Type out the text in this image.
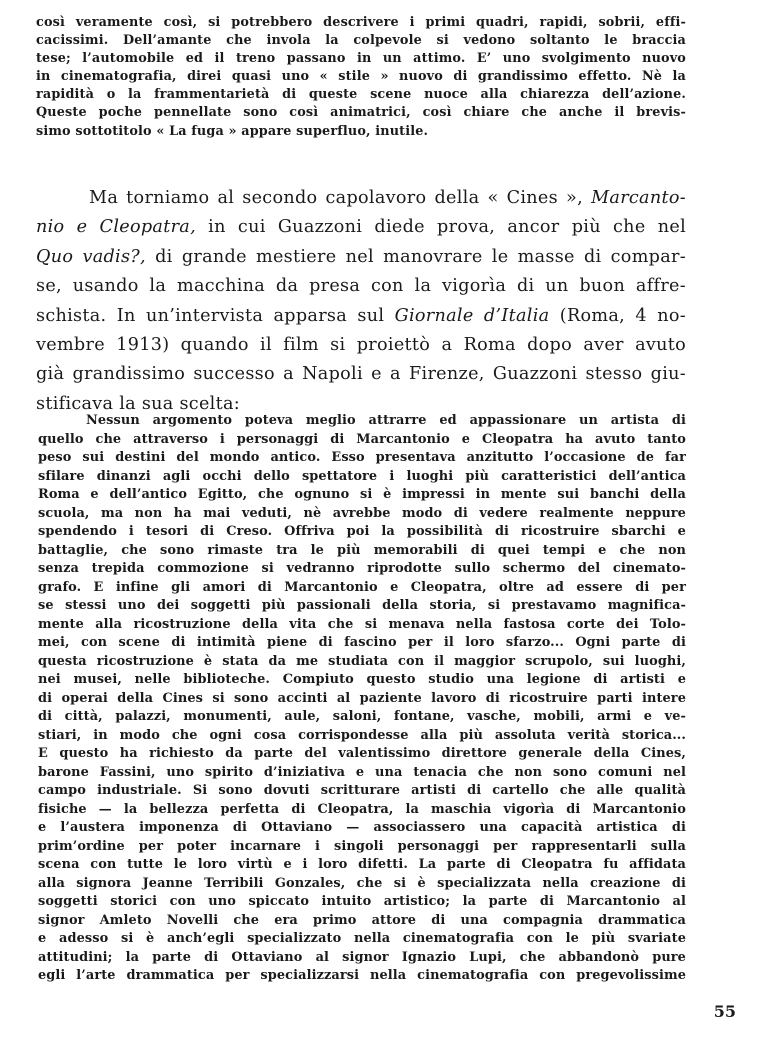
così veramente così, si potrebbero descrivere i primi quadri, rapidi, sobrii, effi-
cacissimi. Dell’amante che invola la colpevole si vedono soltanto le braccia
tese; l’automobile ed il treno passano in un attimo. E’ uno svolgimento nuovo
in cinematografia, direi quasi uno « stile » nuovo di grandissimo effetto. Nè la
rapidità o la frammentarietà di queste scene nuoce alla chiarezza dell’azione.
Queste poche pennellate sono così animatrici, così chiare che anche il brevis-
simo sottotitolo « La fuga » appare superfluo, inutile.
Ma torniamo al secondo capolavoro della « Cines », Marcanto-
nio e Cleopatra, in cui Guazzoni diede prova, ancor più che nel
Quo vadis?, di grande mestiere nel manovrare le masse di compar-
se, usando la macchina da presa con la vigorìa di un buon affre-
schista. In un’intervista apparsa sul Giornale d’Italia (Roma, 4 no-
vembre 1913) quando il film si proiettò a Roma dopo aver avuto
già grandissimo successo a Napoli e a Firenze, Guazzoni stesso giu-
stificava la sua scelta:
Nessun argomento poteva meglio attrarre ed appassionare un artista di
quello che attraverso i personaggi di Marcantonio e Cleopatra ha avuto tanto
peso sui destini del mondo antico. Esso presentava anzitutto l’occasione de far
sfilare dinanzi agli occhi dello spettatore i luoghi più caratteristici dell’antica
Roma e dell’antico Egitto, che ognuno si è impressi in mente sui banchi della
scuola, ma non ha mai veduti, nè avrebbe modo di vedere realmente neppure
spendendo i tesori di Creso. Offriva poi la possibilità di ricostruire sbarchi e
battaglie, che sono rimaste tra le più memorabili di quei tempi e che non
senza trepida commozione si vedranno riprodotte sullo schermo del cinemato-
grafo. E infine gli amori di Marcantonio e Cleopatra, oltre ad essere di per
se stessi uno dei soggetti più passionali della storia, si prestavamo magnifica-
mente alla ricostruzione della vita che si menava nella fastosa corte dei Tolo-
mei, con scene di intimità piene di fascino per il loro sfarzo... Ogni parte di
questa ricostruzione è stata da me studiata con il maggior scrupolo, sui luoghi,
nei musei, nelle biblioteche. Compiuto questo studio una legione di artisti e
di operai della Cines si sono accinti al paziente lavoro di ricostruire parti intere
di città, palazzi, monumenti, aule, saloni, fontane, vasche, mobili, armi e ve-
stiari, in modo che ogni cosa corrispondesse alla più assoluta verità storica...
E questo ha richiesto da parte del valentissimo direttore generale della Cines,
barone Fassini, uno spirito d’iniziativa e una tenacia che non sono comuni nel
campo industriale. Si sono dovuti scritturare artisti di cartello che alle qualità
fisiche — la bellezza perfetta di Cleopatra, la maschia vigorìa di Marcantonio
e l’austera imponenza di Ottaviano — associassero una capacità artistica di
prim’ordine per poter incarnare i singoli personaggi per rappresentarli sulla
scena con tutte le loro virtù e i loro difetti. La parte di Cleopatra fu affidata
alla signora Jeanne Terribili Gonzales, che si è specializzata nella creazione di
soggetti storici con uno spiccato intuito artistico; la parte di Marcantonio al
signor Amleto Novelli che era primo attore di una compagnia drammatica
e adesso si è anch’egli specializzato nella cinematografia con le più svariate
attitudini; la parte di Ottaviano al signor Ignazio Lupi, che abbandonò pure
egli l’arte drammatica per specializzarsi nella cinematografia con pregevolissime
55
